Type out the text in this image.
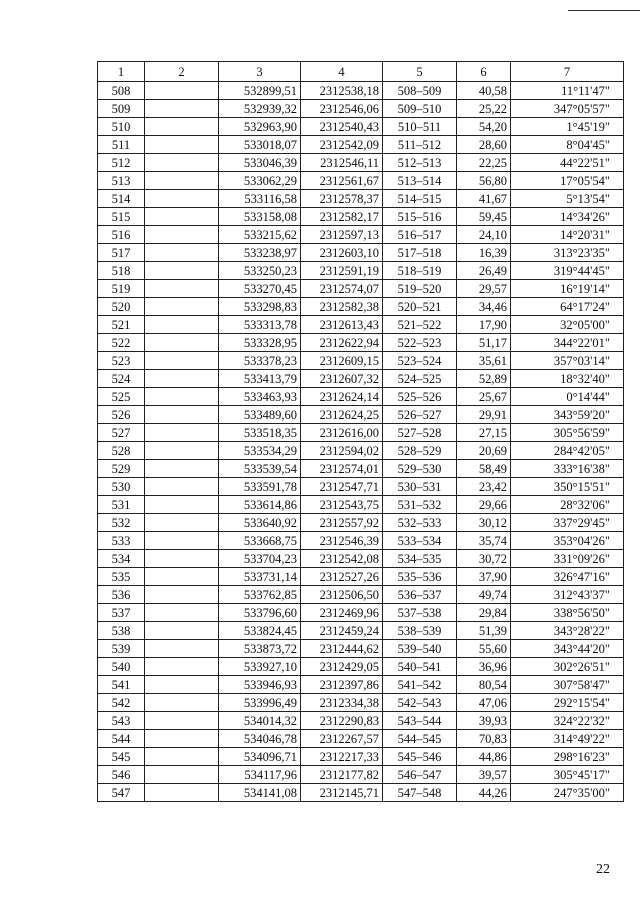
1	2	3	4	5	6	7
508		532899,51	2312538,18	508–509	40,58	11°11'47"
509		532939,32	2312546,06	509–510	25,22	347°05'57"
510		532963,90	2312540,43	510–511	54,20	1°45'19"
511		533018,07	2312542,09	511–512	28,60	8°04'45"
512		533046,39	2312546,11	512–513	22,25	44°22'51"
513		533062,29	2312561,67	513–514	56,80	17°05'54"
514		533116,58	2312578,37	514–515	41,67	5°13'54"
515		533158,08	2312582,17	515–516	59,45	14°34'26"
516		533215,62	2312597,13	516–517	24,10	14°20'31"
517		533238,97	2312603,10	517–518	16,39	313°23'35"
518		533250,23	2312591,19	518–519	26,49	319°44'45"
519		533270,45	2312574,07	519–520	29,57	16°19'14"
520		533298,83	2312582,38	520–521	34,46	64°17'24"
521		533313,78	2312613,43	521–522	17,90	32°05'00"
522		533328,95	2312622,94	522–523	51,17	344°22'01"
523		533378,23	2312609,15	523–524	35,61	357°03'14"
524		533413,79	2312607,32	524–525	52,89	18°32'40"
525		533463,93	2312624,14	525–526	25,67	0°14'44"
526		533489,60	2312624,25	526–527	29,91	343°59'20"
527		533518,35	2312616,00	527–528	27,15	305°56'59"
528		533534,29	2312594,02	528–529	20,69	284°42'05"
529		533539,54	2312574,01	529–530	58,49	333°16'38"
530		533591,78	2312547,71	530–531	23,42	350°15'51"
531		533614,86	2312543,75	531–532	29,66	28°32'06"
532		533640,92	2312557,92	532–533	30,12	337°29'45"
533		533668,75	2312546,39	533–534	35,74	353°04'26"
534		533704,23	2312542,08	534–535	30,72	331°09'26"
535		533731,14	2312527,26	535–536	37,90	326°47'16"
536		533762,85	2312506,50	536–537	49,74	312°43'37"
537		533796,60	2312469,96	537–538	29,84	338°56'50"
538		533824,45	2312459,24	538–539	51,39	343°28'22"
539		533873,72	2312444,62	539–540	55,60	343°44'20"
540		533927,10	2312429,05	540–541	36,96	302°26'51"
541		533946,93	2312397,86	541–542	80,54	307°58'47"
542		533996,49	2312334,38	542–543	47,06	292°15'54"
543		534014,32	2312290,83	543–544	39,93	324°22'32"
544		534046,78	2312267,57	544–545	70,83	314°49'22"
545		534096,71	2312217,33	545–546	44,86	298°16'23"
546		534117,96	2312177,82	546–547	39,57	305°45'17"
547		534141,08	2312145,71	547–548	44,26	247°35'00"
22
